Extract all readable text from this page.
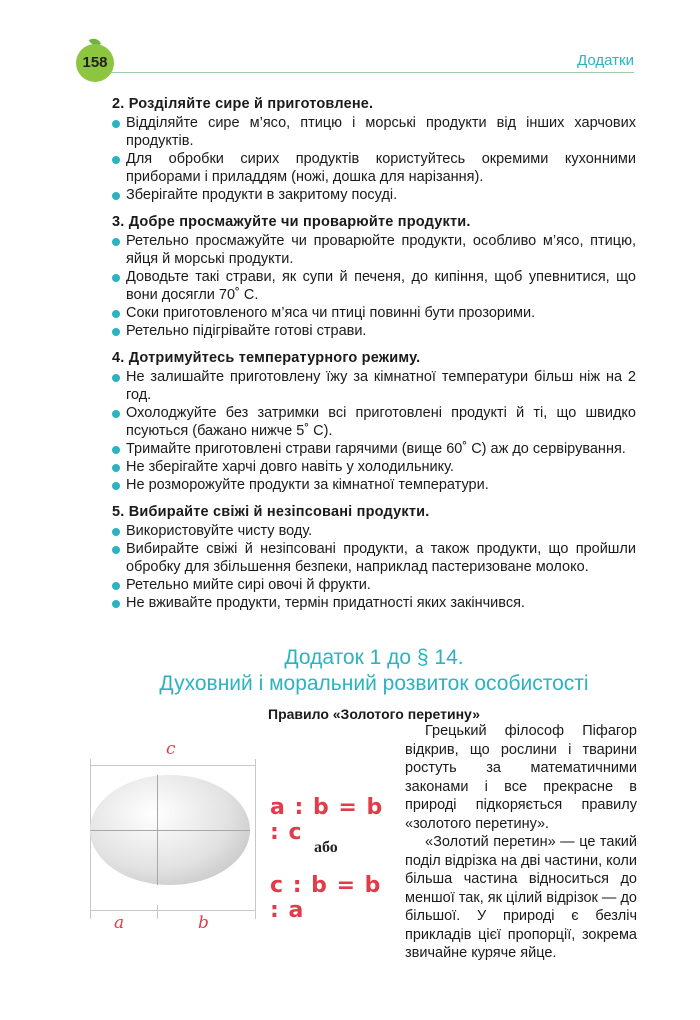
158	Додатки
2. Розділяйте сире й приготовлене.
Відділяйте сире м’ясо, птицю і морські продукти від інших харчових продуктів.
Для обробки сирих продуктів користуйтесь окремими кухонними приборами і приладдям (ножі, дошка для нарізання).
Зберігайте продукти в закритому посуді.
3. Добре просмажуйте чи проварюйте продукти.
Ретельно просмажуйте чи проварюйте продукти, особливо м’ясо, птицю, яйця й морські продукти.
Доводьте такі страви, як супи й печеня, до кипіння, щоб упевнитися, що вони досягли 70˚ С.
Соки приготовленого м’яса чи птиці повинні бути прозорими.
Ретельно підігрівайте готові страви.
4. Дотримуйтесь температурного режиму.
Не залишайте приготовлену їжу за кімнатної температури більш ніж на 2 год.
Охолоджуйте без затримки всі приготовлені продукті й ті, що швидко псуються (бажано нижче 5˚ С).
Тримайте приготовлені страви гарячими (вище 60˚ С) аж до сервірування.
Не зберігайте харчі довго навіть у холодильнику.
Не розморожуйте продукти за кімнатної температури.
5. Вибирайте свіжі й незіпсовані продукти.
Використовуйте чисту воду.
Вибирайте свіжі й незіпсовані продукти, а також продукти, що пройшли обробку для збільшення безпеки, наприклад пастеризоване молоко.
Ретельно мийте сирі овочі й фрукти.
Не вживайте продукти, термін придатності яких закінчився.
Додаток 1 до § 14.
Духовний і моральний розвиток особистості
Правило «Золотого перетину»
c
a	b
a : b = b : c
або
c : b = b : a

Грецький філософ Піфагор відкрив, що рослини і тварини ростуть за математичними законами і все прекрасне в природі підкоряється правилу «золотого перетину».

«Золотий перетин» — це такий поділ відрізка на дві частини, коли більша частина відноситься до меншої так, як цілий відрізок — до більшої. У природі є безліч прикладів цієї пропорції, зокрема звичайне куряче яйце.
